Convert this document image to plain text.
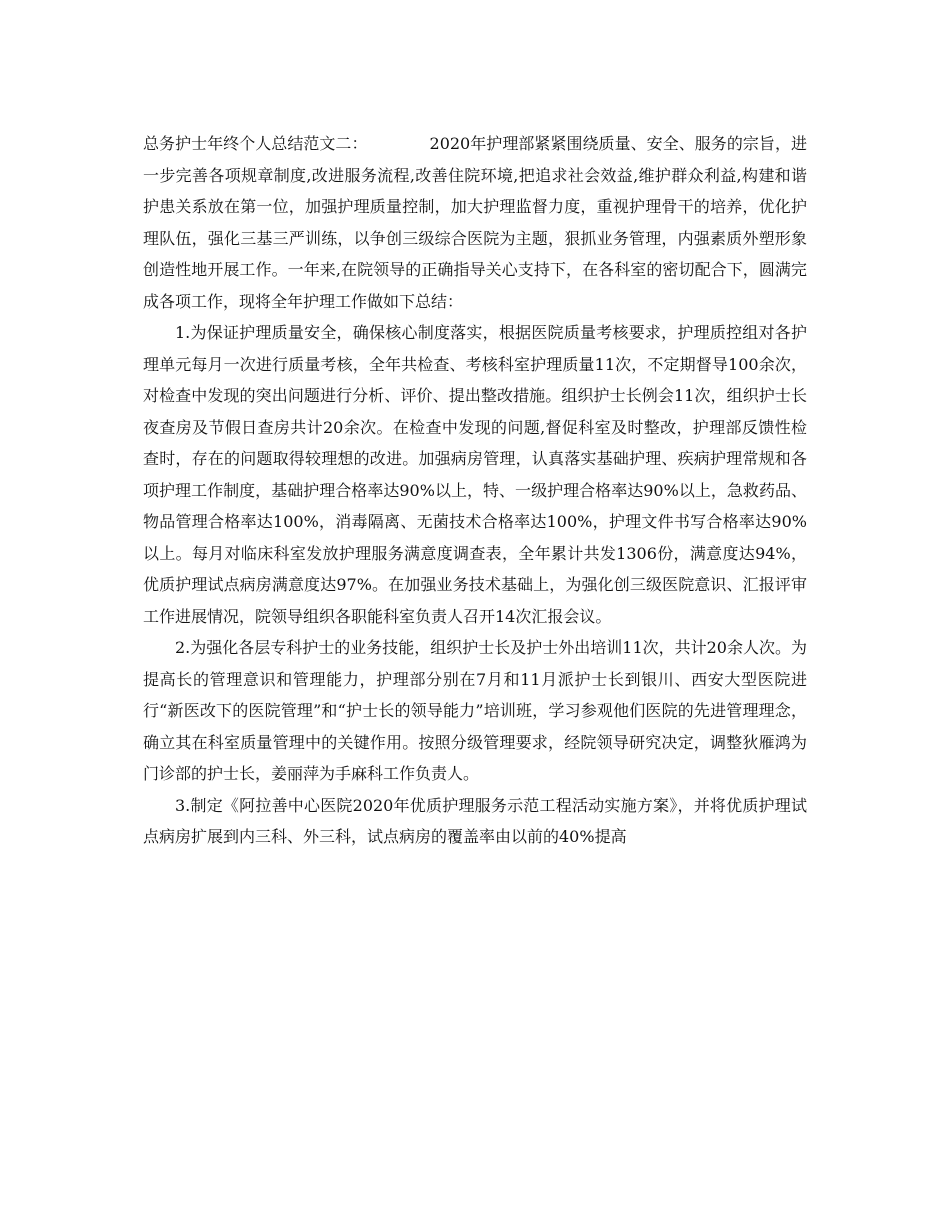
总务护士年终个人总结范文二：	2020年护理部紧紧围绕质量、安全、服务的宗旨，进一步完善各项规章制度,改进服务流程,改善住院环境,把追求社会效益,维护群众利益,构建和谐护患关系放在第一位，加强护理质量控制，加大护理监督力度，重视护理骨干的培养，优化护理队伍，强化三基三严训练，以争创三级综合医院为主题，狠抓业务管理，内强素质外塑形象创造性地开展工作。一年来,在院领导的正确指导关心支持下，在各科室的密切配合下，圆满完成各项工作，现将全年护理工作做如下总结：

1.为保证护理质量安全，确保核心制度落实，根据医院质量考核要求，护理质控组对各护理单元每月一次进行质量考核，全年共检查、考核科室护理质量11次，不定期督导100余次，对检查中发现的突出问题进行分析、评价、提出整改措施。组织护士长例会11次，组织护士长夜查房及节假日查房共计20余次。在检查中发现的问题,督促科室及时整改，护理部反馈性检查时，存在的问题取得较理想的改进。加强病房管理，认真落实基础护理、疾病护理常规和各项护理工作制度，基础护理合格率达90%以上，特、一级护理合格率达90%以上，急救药品、物品管理合格率达100%，消毒隔离、无菌技术合格率达100%，护理文件书写合格率达90%以上。每月对临床科室发放护理服务满意度调查表，全年累计共发1306份，满意度达94%，优质护理试点病房满意度达97%。在加强业务技术基础上，为强化创三级医院意识、汇报评审工作进展情况，院领导组织各职能科室负责人召开14次汇报会议。

2.为强化各层专科护士的业务技能，组织护士长及护士外出培训11次，共计20余人次。为提高长的管理意识和管理能力，护理部分别在7月和11月派护士长到银川、西安大型医院进行“新医改下的医院管理”和“护士长的领导能力”培训班，学习参观他们医院的先进管理理念，确立其在科室质量管理中的关键作用。按照分级管理要求，经院领导研究决定，调整狄雁鸿为门诊部的护士长，姜丽萍为手麻科工作负责人。

3.制定《阿拉善中心医院2020年优质护理服务示范工程活动实施方案》，并将优质护理试点病房扩展到内三科、外三科，试点病房的覆盖率由以前的40%提高
